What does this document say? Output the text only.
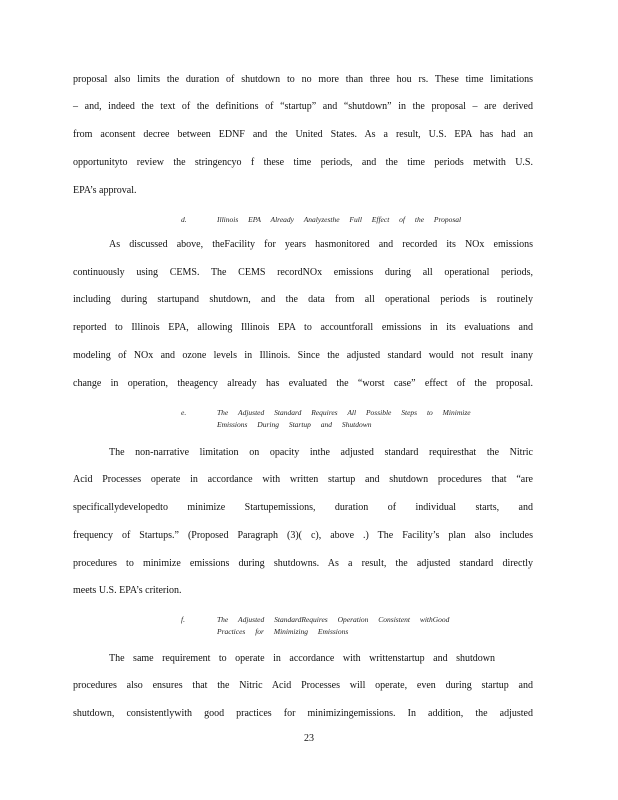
proposal also limits the duration of shutdown to no more than three hou rs. These time limitations
– and, indeed the text of the definitions of “startup” and “shutdown” in the proposal – are derived
from aconsent decree between EDNF and the United States. As a result, U.S. EPA has had an
opportunityto review the stringencyo f these time periods, and the time periods metwith U.S.
EPA’s approval.
d.	Illinois EPA Already Analyzesthe Full Effect of the Proposal
As discussed above, theFacility for years hasmonitored and recorded its NOx emissions
continuously using CEMS. The CEMS recordNOx emissions during all operational periods,
including during startupand shutdown, and the data from all operational periods is routinely
reported to Illinois EPA, allowing Illinois EPA to accountforall emissions in its evaluations and
modeling of NOx and ozone levels in Illinois. Since the adjusted standard would not result inany
change in operation, theagency already has evaluated the “worst case” effect of the proposal.
e.	The Adjusted Standard Requires All Possible Steps to Minimize
Emissions During Startup and Shutdown
The non-narrative limitation on opacity inthe adjusted standard requiresthat the Nitric
Acid Processes operate in accordance with written startup and shutdown procedures that “are
specificallydevelopedto minimize Startupemissions, duration of individual starts, and
frequency of Startups.” (Proposed Paragraph (3)( c), above .) The Facility’s plan also includes
procedures to minimize emissions during shutdowns. As a result, the adjusted standard directly
meets U.S. EPA’s criterion.
f.	The Adjusted StandardRequires Operation Consistent withGood
Practices for Minimizing Emissions
The same requirement to operate in accordance with writtenstartup and shutdown
procedures also ensures that the Nitric Acid Processes will operate, even during startup and
shutdown, consistentlywith good practices for minimizingemissions. In addition, the adjusted
23
